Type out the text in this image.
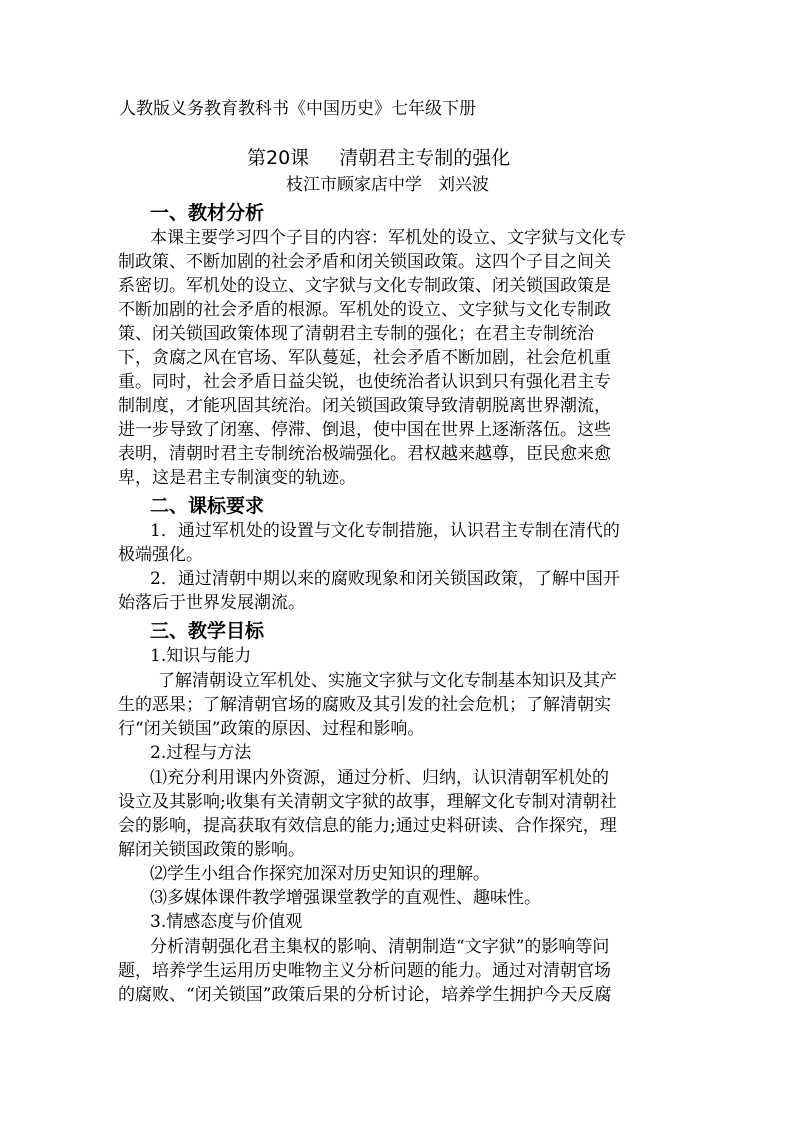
人教版义务教育教科书《中国历史》七年级下册
第20课 清朝君主专制的强化
枝江市顾家店中学 刘兴波
一、教材分析
本课主要学习四个子目的内容：军机处的设立、文字狱与文化专
制政策、不断加剧的社会矛盾和闭关锁国政策。这四个子目之间关
系密切。军机处的设立、文字狱与文化专制政策、闭关锁国政策是
不断加剧的社会矛盾的根源。军机处的设立、文字狱与文化专制政
策、闭关锁国政策体现了清朝君主专制的强化；在君主专制统治
下，贪腐之风在官场、军队蔓延，社会矛盾不断加剧，社会危机重
重。同时，社会矛盾日益尖锐，也使统治者认识到只有强化君主专
制制度，才能巩固其统治。闭关锁国政策导致清朝脱离世界潮流，
进一步导致了闭塞、停滞、倒退，使中国在世界上逐渐落伍。这些
表明，清朝时君主专制统治极端强化。君权越来越尊，臣民愈来愈
卑，这是君主专制演变的轨迹。
二、课标要求
1．通过军机处的设置与文化专制措施，认识君主专制在清代的
极端强化。
2．通过清朝中期以来的腐败现象和闭关锁国政策，了解中国开
始落后于世界发展潮流。
三、教学目标
1.知识与能力
了解清朝设立军机处、实施文字狱与文化专制基本知识及其产
生的恶果；了解清朝官场的腐败及其引发的社会危机；了解清朝实
行“闭关锁国”政策的原因、过程和影响。
2.过程与方法
⑴充分利用课内外资源，通过分析、归纳，认识清朝军机处的
设立及其影响;收集有关清朝文字狱的故事，理解文化专制对清朝社
会的影响，提高获取有效信息的能力;通过史料研读、合作探究，理
解闭关锁国政策的影响。
⑵学生小组合作探究加深对历史知识的理解。
⑶多媒体课件教学增强课堂教学的直观性、趣味性。
3.情感态度与价值观
分析清朝强化君主集权的影响、清朝制造“文字狱”的影响等问
题，培养学生运用历史唯物主义分析问题的能力。通过对清朝官场
的腐败、“闭关锁国”政策后果的分析讨论，培养学生拥护今天反腐
